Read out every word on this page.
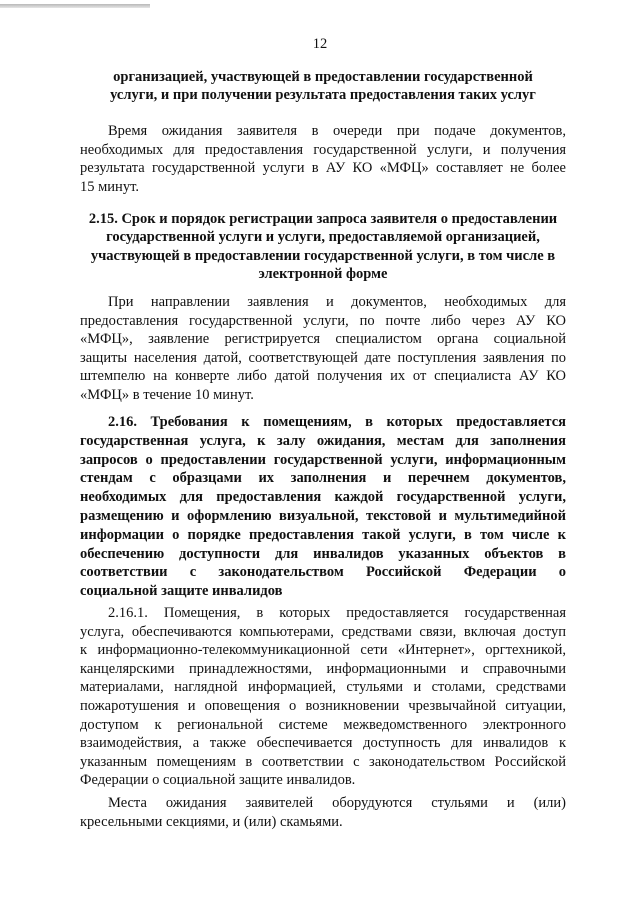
12
организацией, участвующей в предоставлении государственной
услуги, и при получении результата предоставления таких услуг
Время ожидания заявителя в очереди при подаче документов,
необходимых для предоставления государственной услуги, и получения
результата государственной услуги в АУ КО «МФЦ» составляет не более
15 минут.
2.15. Срок и порядок регистрации запроса заявителя о предоставлении
государственной услуги и услуги, предоставляемой организацией,
участвующей в предоставлении государственной услуги, в том числе в
электронной форме
При направлении заявления и документов, необходимых для
предоставления государственной услуги, по почте либо через АУ КО
«МФЦ», заявление регистрируется специалистом органа социальной
защиты населения датой, соответствующей дате поступления заявления по
штемпелю на конверте либо датой получения их от специалиста АУ КО
«МФЦ» в течение 10 минут.
2.16. Требования к помещениям, в которых предоставляется
государственная услуга, к залу ожидания, местам для заполнения
запросов о предоставлении государственной услуги, информационным
стендам с образцами их заполнения и перечнем документов,
необходимых для предоставления каждой государственной услуги,
размещению и оформлению визуальной, текстовой и мультимедийной
информации о порядке предоставления такой услуги, в том числе к
обеспечению доступности для инвалидов указанных объектов в
соответствии с законодательством Российской Федерации о
социальной защите инвалидов
2.16.1. Помещения, в которых предоставляется государственная
услуга, обеспечиваются компьютерами, средствами связи, включая доступ
к информационно-телекоммуникационной сети «Интернет», оргтехникой,
канцелярскими принадлежностями, информационными и справочными
материалами, наглядной информацией, стульями и столами, средствами
пожаротушения и оповещения о возникновении чрезвычайной ситуации,
доступом к региональной системе межведомственного электронного
взаимодействия, а также обеспечивается доступность для инвалидов к
указанным помещениям в соответствии с законодательством Российской
Федерации о социальной защите инвалидов.
Места ожидания заявителей оборудуются стульями и (или)
кресельными секциями, и (или) скамьями.
